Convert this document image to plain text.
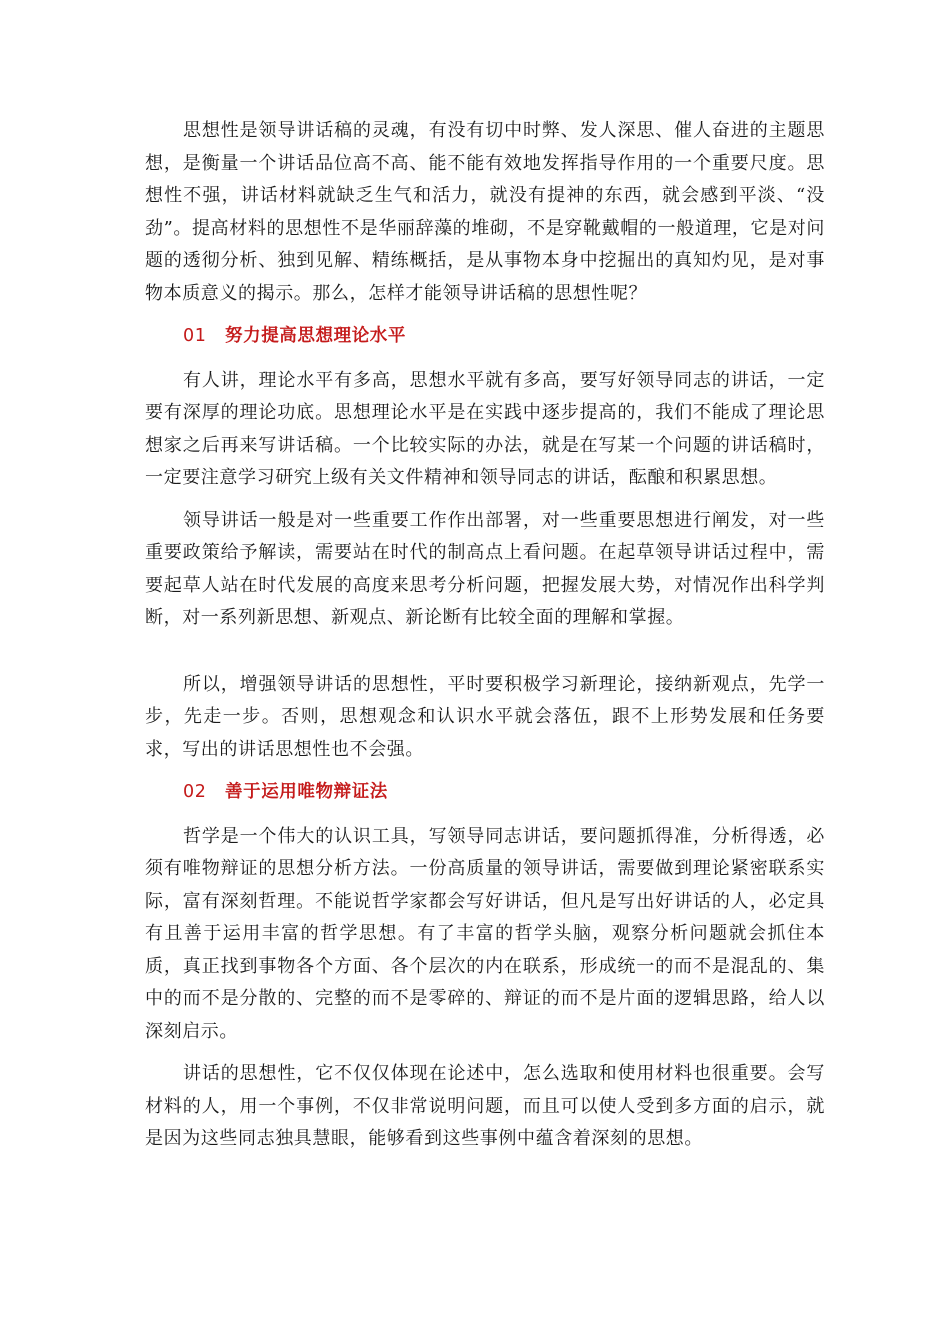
思想性是领导讲话稿的灵魂，有没有切中时弊、发人深思、催人奋进的主题思想，是衡量一个讲话品位高不高、能不能有效地发挥指导作用的一个重要尺度。思想性不强，讲话材料就缺乏生气和活力，就没有提神的东西，就会感到平淡、“没劲”。提高材料的思想性不是华丽辞藻的堆砌，不是穿靴戴帽的一般道理，它是对问题的透彻分析、独到见解、精练概括，是从事物本身中挖掘出的真知灼见，是对事物本质意义的揭示。那么，怎样才能领导讲话稿的思想性呢？

01 努力提高思想理论水平

有人讲，理论水平有多高，思想水平就有多高，要写好领导同志的讲话，一定要有深厚的理论功底。思想理论水平是在实践中逐步提高的，我们不能成了理论思想家之后再来写讲话稿。一个比较实际的办法，就是在写某一个问题的讲话稿时，一定要注意学习研究上级有关文件精神和领导同志的讲话，酝酿和积累思想。

领导讲话一般是对一些重要工作作出部署，对一些重要思想进行阐发，对一些重要政策给予解读，需要站在时代的制高点上看问题。在起草领导讲话过程中，需要起草人站在时代发展的高度来思考分析问题，把握发展大势，对情况作出科学判断，对一系列新思想、新观点、新论断有比较全面的理解和掌握。

所以，增强领导讲话的思想性，平时要积极学习新理论，接纳新观点，先学一步，先走一步。否则，思想观念和认识水平就会落伍，跟不上形势发展和任务要求，写出的讲话思想性也不会强。

02 善于运用唯物辩证法

哲学是一个伟大的认识工具，写领导同志讲话，要问题抓得准，分析得透，必须有唯物辩证的思想分析方法。一份高质量的领导讲话，需要做到理论紧密联系实际，富有深刻哲理。不能说哲学家都会写好讲话，但凡是写出好讲话的人，必定具有且善于运用丰富的哲学思想。有了丰富的哲学头脑，观察分析问题就会抓住本质，真正找到事物各个方面、各个层次的内在联系，形成统一的而不是混乱的、集中的而不是分散的、完整的而不是零碎的、辩证的而不是片面的逻辑思路，给人以深刻启示。

讲话的思想性，它不仅仅体现在论述中，怎么选取和使用材料也很重要。会写材料的人，用一个事例，不仅非常说明问题，而且可以使人受到多方面的启示，就是因为这些同志独具慧眼，能够看到这些事例中蕴含着深刻的思想。
